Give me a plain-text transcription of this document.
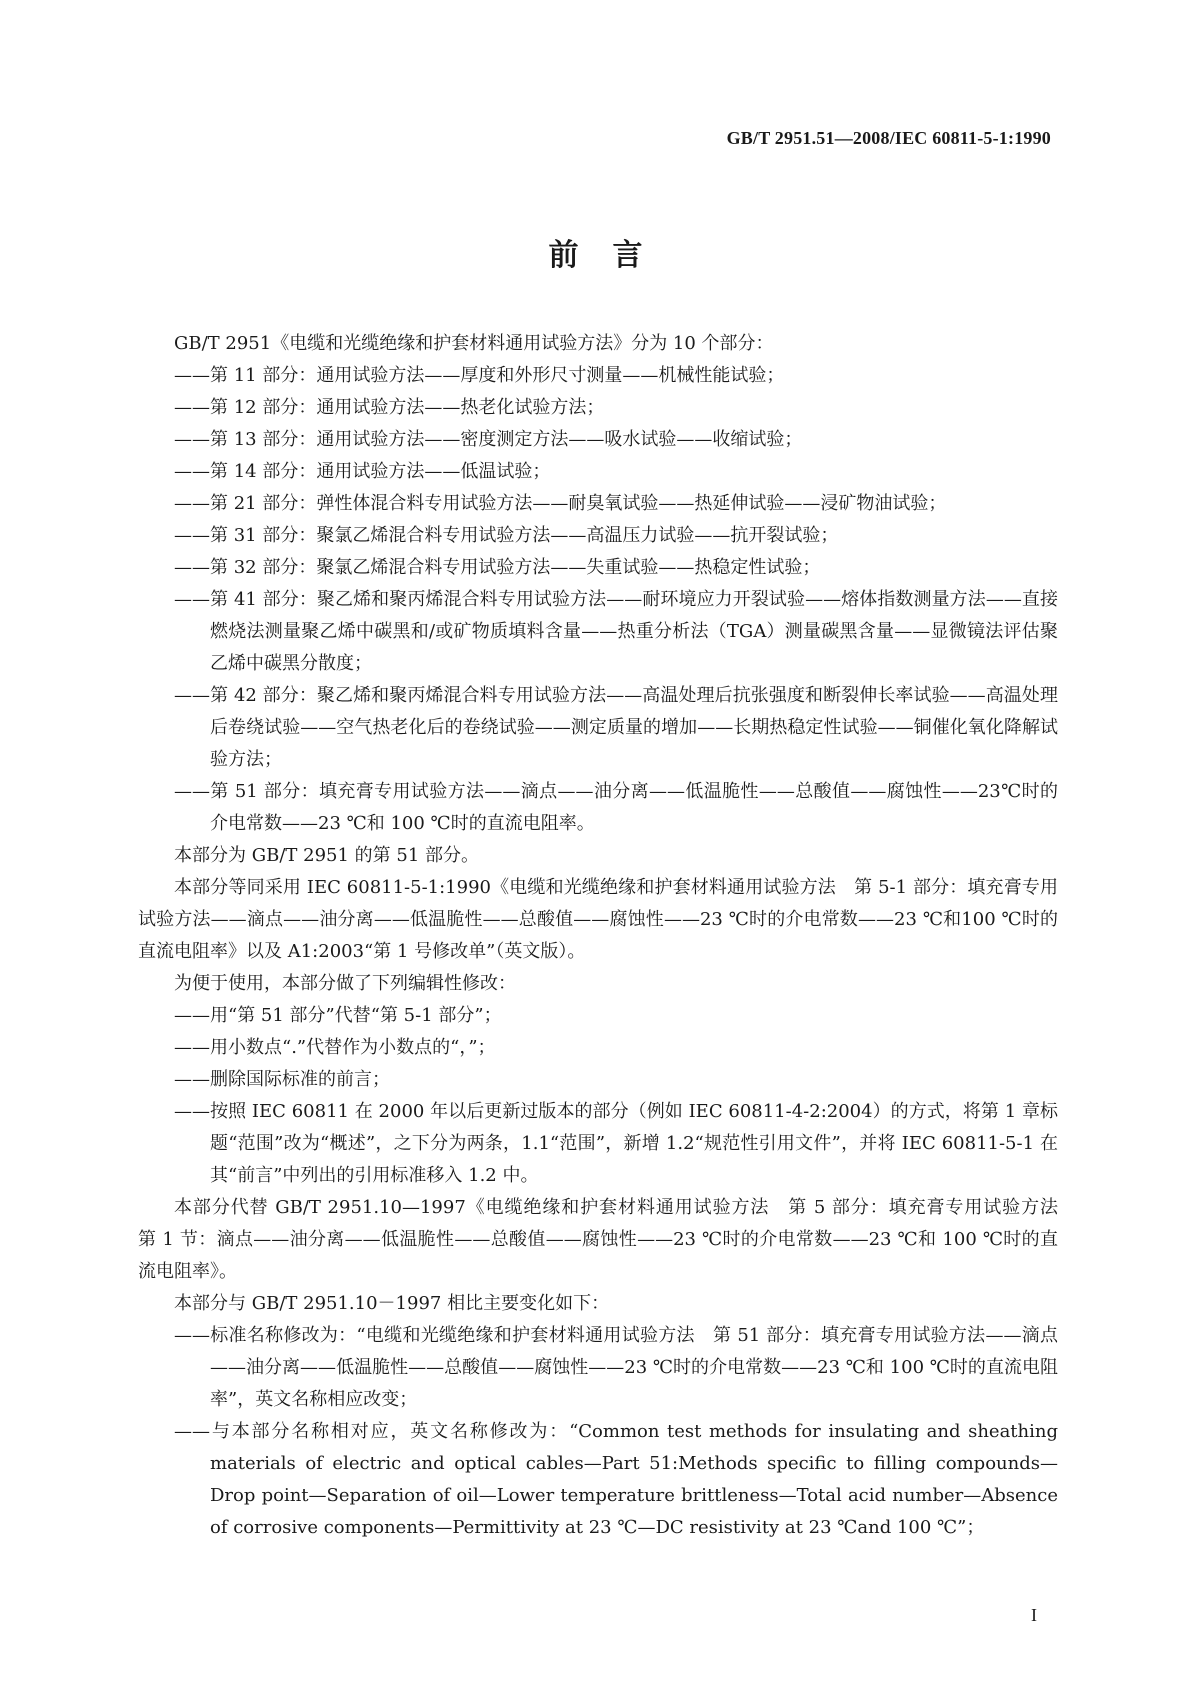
GB/T 2951.51—2008/IEC 60811-5-1:1990
前言

GB/T 2951《电缆和光缆绝缘和护套材料通用试验方法》分为 10 个部分：

——第 11 部分：通用试验方法——厚度和外形尺寸测量——机械性能试验；

——第 12 部分：通用试验方法——热老化试验方法；

——第 13 部分：通用试验方法——密度测定方法——吸水试验——收缩试验；

——第 14 部分：通用试验方法——低温试验；

——第 21 部分：弹性体混合料专用试验方法——耐臭氧试验——热延伸试验——浸矿物油试验；

——第 31 部分：聚氯乙烯混合料专用试验方法——高温压力试验——抗开裂试验；

——第 32 部分：聚氯乙烯混合料专用试验方法——失重试验——热稳定性试验；

——第 41 部分：聚乙烯和聚丙烯混合料专用试验方法——耐环境应力开裂试验——熔体指数测量方法——直接燃烧法测量聚乙烯中碳黑和/或矿物质填料含量——热重分析法（TGA）测量碳黑含量——显微镜法评估聚乙烯中碳黑分散度；

——第 42 部分：聚乙烯和聚丙烯混合料专用试验方法——高温处理后抗张强度和断裂伸长率试验——高温处理后卷绕试验——空气热老化后的卷绕试验——测定质量的增加——长期热稳定性试验——铜催化氧化降解试验方法；

——第 51 部分：填充膏专用试验方法——滴点——油分离——低温脆性——总酸值——腐蚀性——23℃时的介电常数——23 ℃和 100 ℃时的直流电阻率。

本部分为 GB/T 2951 的第 51 部分。

本部分等同采用 IEC 60811-5-1:1990《电缆和光缆绝缘和护套材料通用试验方法　第 5-1 部分：填充膏专用试验方法——滴点——油分离——低温脆性——总酸值——腐蚀性——23 ℃时的介电常数——23 ℃和100 ℃时的直流电阻率》以及 A1:2003“第 1 号修改单”（英文版）。

为便于使用，本部分做了下列编辑性修改：

——用“第 51 部分”代替“第 5-1 部分”；

——用小数点“.”代替作为小数点的“，”；

——删除国际标准的前言；

——按照 IEC 60811 在 2000 年以后更新过版本的部分（例如 IEC 60811-4-2:2004）的方式，将第 1 章标题“范围”改为“概述”，之下分为两条，1.1“范围”，新增 1.2“规范性引用文件”，并将 IEC 60811-5-1 在其“前言”中列出的引用标准移入 1.2 中。

本部分代替 GB/T 2951.10—1997《电缆绝缘和护套材料通用试验方法　第 5 部分：填充膏专用试验方法　第 1 节：滴点——油分离——低温脆性——总酸值——腐蚀性——23 ℃时的介电常数——23 ℃和 100 ℃时的直流电阻率》。

本部分与 GB/T 2951.10－1997 相比主要变化如下：

——标准名称修改为：“电缆和光缆绝缘和护套材料通用试验方法　第 51 部分：填充膏专用试验方法——滴点——油分离——低温脆性——总酸值——腐蚀性——23 ℃时的介电常数——23 ℃和 100 ℃时的直流电阻率”，英文名称相应改变；

——与本部分名称相对应，英文名称修改为：“Common test methods for insulating and sheathing materials of electric and optical cables—Part 51:Methods specific to filling compounds—Drop point—Separation of oil—Lower temperature brittleness—Total acid number—Absence of corrosive components—Permittivity at 23 ℃—DC resistivity at 23 ℃and 100 ℃”；

I
